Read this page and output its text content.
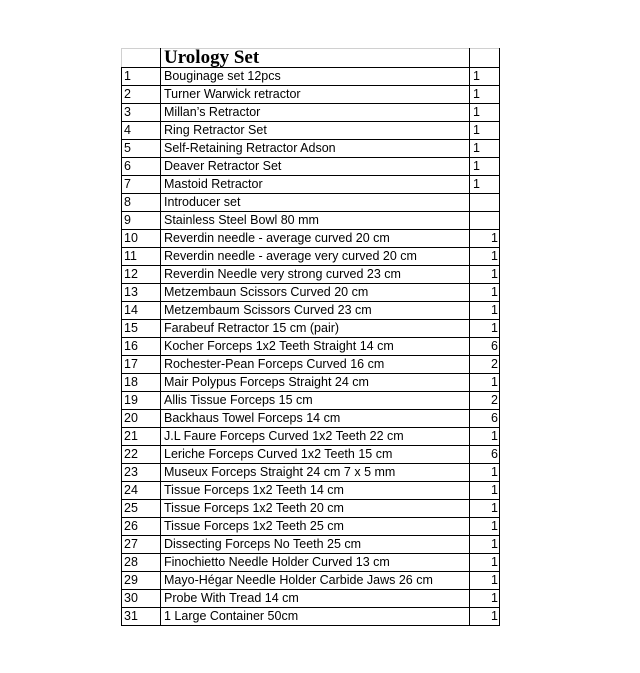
	Urology Set	
1	Bouginage set 12pcs	1
2	Turner Warwick retractor	1
3	Millan’s Retractor	1
4	Ring Retractor Set	1
5	Self-Retaining Retractor Adson	1
6	Deaver Retractor Set	1
7	Mastoid Retractor	1
8	Introducer set	
9	Stainless Steel Bowl 80 mm	
10	Reverdin needle - average curved 20 cm	1
11	Reverdin needle - average very curved 20 cm	1
12	Reverdin Needle very strong curved 23 cm	1
13	Metzembaun Scissors Curved 20 cm	1
14	Metzembaum Scissors Curved 23 cm	1
15	Farabeuf Retractor 15 cm (pair)	1
16	Kocher Forceps 1x2 Teeth Straight 14 cm	6
17	Rochester-Pean Forceps Curved 16 cm	2
18	Mair Polypus Forceps Straight 24 cm	1
19	Allis Tissue Forceps 15 cm	2
20	Backhaus Towel Forceps 14 cm	6
21	J.L Faure Forceps Curved 1x2 Teeth 22 cm	1
22	Leriche Forceps Curved 1x2 Teeth 15 cm	6
23	Museux Forceps Straight 24 cm 7 x 5 mm	1
24	Tissue Forceps 1x2 Teeth 14 cm	1
25	Tissue Forceps 1x2 Teeth 20 cm	1
26	Tissue Forceps 1x2 Teeth 25 cm	1
27	Dissecting Forceps No Teeth 25 cm	1
28	Finochietto Needle Holder Curved 13 cm	1
29	Mayo-Hégar Needle Holder Carbide Jaws 26 cm	1
30	Probe With Tread 14 cm	1
31	1 Large Container 50cm	1
